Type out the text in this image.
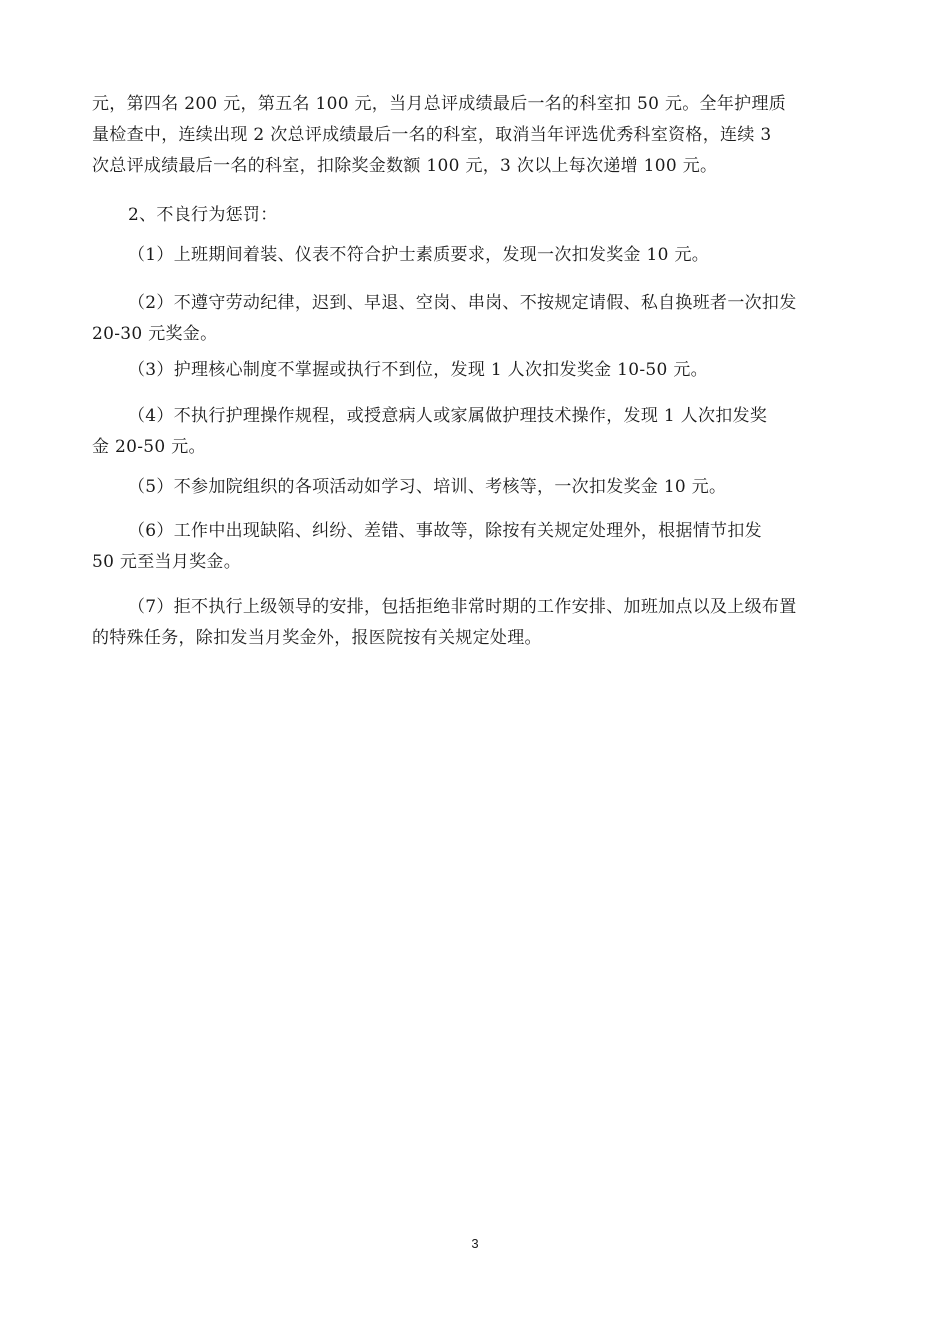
元，第四名 200 元，第五名 100 元，当月总评成绩最后一名的科室扣 50 元。全年护理质
量检查中，连续出现 2 次总评成绩最后一名的科室，取消当年评选优秀科室资格，连续 3
次总评成绩最后一名的科室，扣除奖金数额 100 元，3 次以上每次递增 100 元。
2、不良行为惩罚：
（1）上班期间着装、仪表不符合护士素质要求，发现一次扣发奖金 10 元。
（2）不遵守劳动纪律，迟到、早退、空岗、串岗、不按规定请假、私自换班者一次扣发
20-30 元奖金。
（3）护理核心制度不掌握或执行不到位，发现 1 人次扣发奖金 10-50 元。
（4）不执行护理操作规程，或授意病人或家属做护理技术操作，发现 1 人次扣发奖
金 20-50 元。
（5）不参加院组织的各项活动如学习、培训、考核等，一次扣发奖金 10 元。
（6）工作中出现缺陷、纠纷、差错、事故等，除按有关规定处理外，根据情节扣发
50 元至当月奖金。
（7）拒不执行上级领导的安排，包括拒绝非常时期的工作安排、加班加点以及上级布置
的特殊任务，除扣发当月奖金外，报医院按有关规定处理。
3
